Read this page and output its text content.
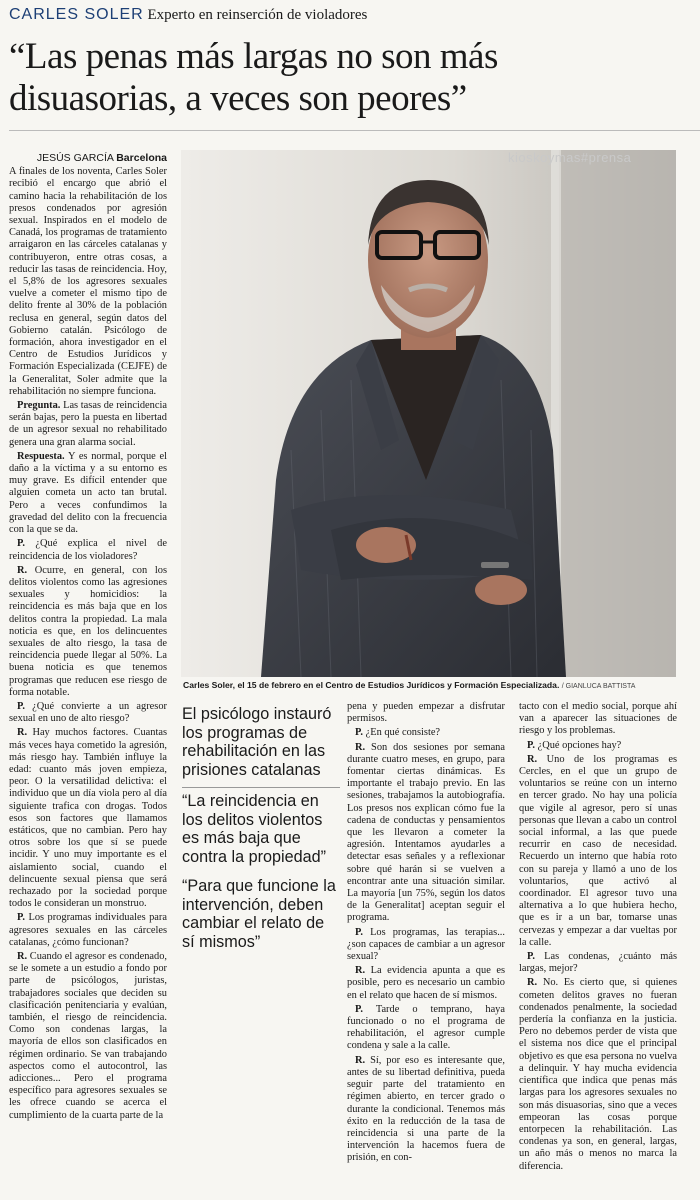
CARLES SOLER Experto en reinserción de violadores
“Las penas más largas no son más
disuasorias, a veces son peores”
JESÚS GARCÍA Barcelona

A finales de los noventa, Carles Soler recibió el encargo que abrió el camino hacia la rehabilitación de los presos condenados por agresión sexual. Inspirados en el modelo de Canadá, los programas de tratamiento arraigaron en las cárceles catalanas y contribuyeron, entre otras cosas, a reducir las tasas de reincidencia. Hoy, el 5,8% de los agresores sexuales vuelve a cometer el mismo tipo de delito frente al 30% de la población reclusa en general, según datos del Gobierno catalán. Psicólogo de formación, ahora investigador en el Centro de Estudios Jurídicos y Formación Especializada (CEJFE) de la Generalitat, Soler admite que la rehabilitación no siempre funciona.

Pregunta. Las tasas de reincidencia serán bajas, pero la puesta en libertad de un agresor sexual no rehabilitado genera una gran alarma social.

Respuesta. Y es normal, porque el daño a la víctima y a su entorno es muy grave. Es difícil entender que alguien cometa un acto tan brutal. Pero a veces confundimos la gravedad del delito con la frecuencia con la que se da.

P. ¿Qué explica el nivel de reincidencia de los violadores?

R. Ocurre, en general, con los delitos violentos como las agresiones sexuales y homicidios: la reincidencia es más baja que en los delitos contra la propiedad. La mala noticia es que, en los delincuentes sexuales de alto riesgo, la tasa de reincidencia puede llegar al 50%. La buena noticia es que tenemos programas que reducen ese riesgo de forma notable.

P. ¿Qué convierte a un agresor sexual en uno de alto riesgo?

R. Hay muchos factores. Cuantas más veces haya cometido la agresión, más riesgo hay. También influye la edad: cuanto más joven empieza, peor. O la versatilidad delictiva: el individuo que un día viola pero al día siguiente trafica con drogas. Todos esos son factores que llamamos estáticos, que no cambian. Pero hay otros sobre los que sí se puede incidir. Y uno muy importante es el aislamiento social, cuando el delincuente sexual piensa que será rechazado por la sociedad porque todos le consideran un monstruo.

P. Los programas individuales para agresores sexuales en las cárceles catalanas, ¿cómo funcionan?

R. Cuando el agresor es condenado, se le somete a un estudio a fondo por parte de psicólogos, juristas, trabajadores sociales que deciden su clasificación penitenciaria y evalúan, también, el riesgo de reincidencia. Como son condenas largas, la mayoría de ellos son clasificados en régimen ordinario. Se van trabajando aspectos como el autocontrol, las adicciones... Pero el programa específico para agresores sexuales se les ofrece cuando se acerca el cumplimiento de la cuarta parte de la

kioskoymas#prensa
Carles Soler, el 15 de febrero en el Centro de Estudios Jurídicos y Formación Especializada. / GIANLUCA BATTISTA
El psicólogo instauró los programas de rehabilitación en las prisiones catalanas
“La reincidencia en los delitos violentos es más baja que contra la propiedad”
“Para que funcione la intervención, deben cambiar el relato de sí mismos”

pena y pueden empezar a disfrutar permisos.

P. ¿En qué consiste?

R. Son dos sesiones por semana durante cuatro meses, en grupo, para fomentar ciertas dinámicas. Es importante el trabajo previo. En las sesiones, trabajamos la autobiografía. Los presos nos explican cómo fue la cadena de conductas y pensamientos que les llevaron a cometer la agresión. Intentamos ayudarles a detectar esas señales y a reflexionar sobre qué harán si se vuelven a encontrar ante una situación similar. La mayoría [un 75%, según los datos de la Generalitat] aceptan seguir el programa.

P. Los programas, las terapias... ¿son capaces de cambiar a un agresor sexual?

R. La evidencia apunta a que es posible, pero es necesario un cambio en el relato que hacen de sí mismos.

P. Tarde o temprano, haya funcionado o no el programa de rehabilitación, el agresor cumple condena y sale a la calle.

R. Sí, por eso es interesante que, antes de su libertad definitiva, pueda seguir parte del tratamiento en régimen abierto, en tercer grado o durante la condicional. Tenemos más éxito en la reducción de la tasa de reincidencia si una parte de la intervención la hacemos fuera de prisión, en con-

tacto con el medio social, porque ahí van a aparecer las situaciones de riesgo y los problemas.

P. ¿Qué opciones hay?

R. Uno de los programas es Cercles, en el que un grupo de voluntarios se reúne con un interno en tercer grado. No hay una policía que vigile al agresor, pero sí unas personas que llevan a cabo un control social informal, a las que puede recurrir en caso de necesidad. Recuerdo un interno que había roto con su pareja y llamó a uno de los voluntarios, que activó al coordinador. El agresor tuvo una alternativa a lo que hubiera hecho, que es ir a un bar, tomarse unas cervezas y empezar a dar vueltas por la calle.

P. Las condenas, ¿cuánto más largas, mejor?

R. No. Es cierto que, si quienes cometen delitos graves no fueran condenados penalmente, la sociedad perdería la confianza en la justicia. Pero no debemos perder de vista que el sistema nos dice que el principal objetivo es que esa persona no vuelva a delinquir. Y hay mucha evidencia científica que indica que penas más largas para los agresores sexuales no son más disuasorias, sino que a veces empeoran las cosas porque entorpecen la rehabilitación. Las condenas ya son, en general, largas, un año más o menos no marca la diferencia.
